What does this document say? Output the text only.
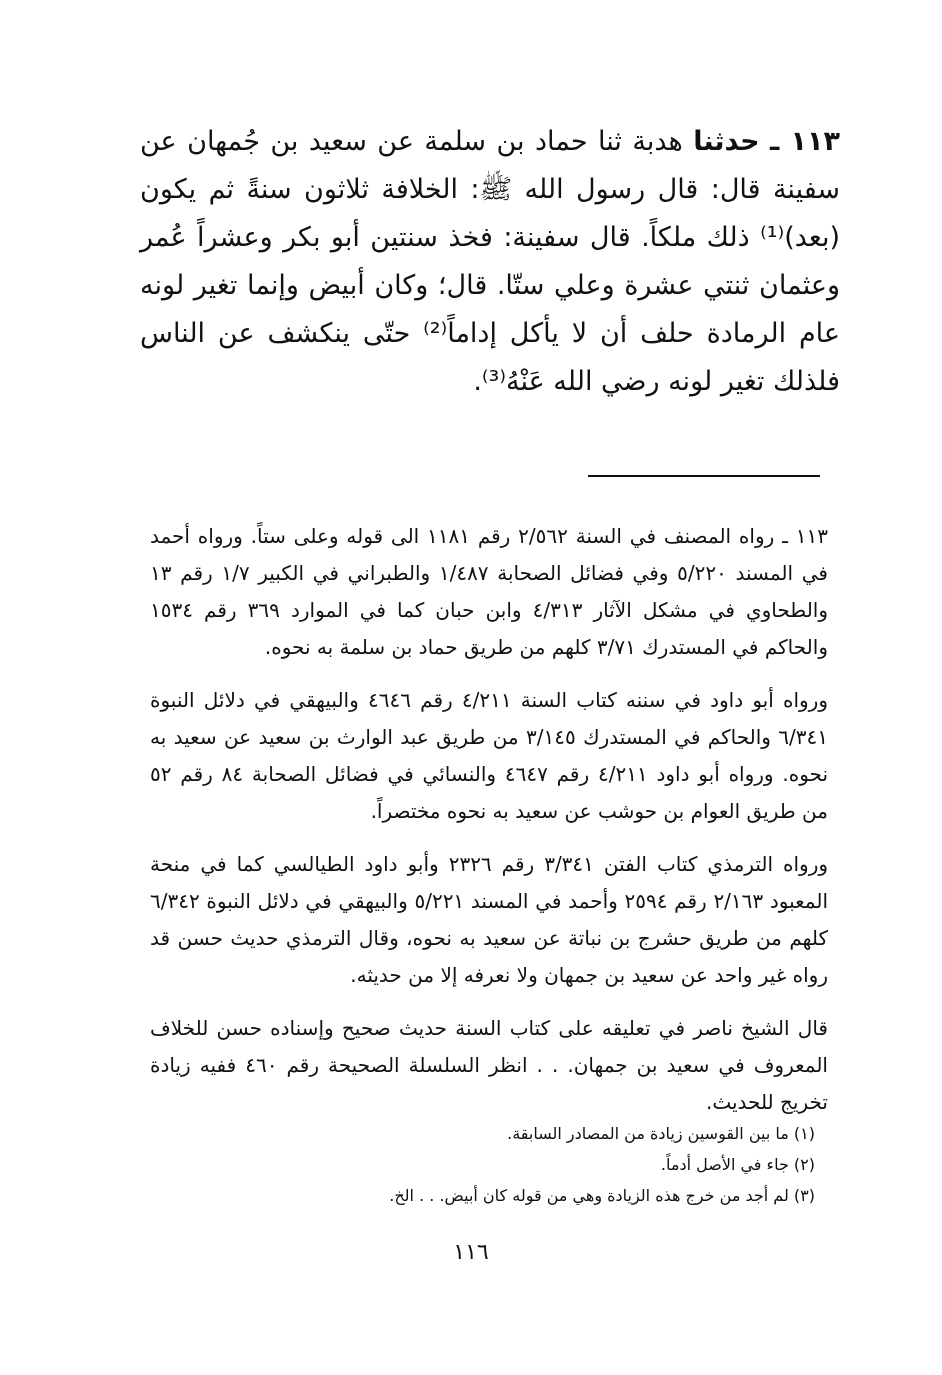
١١٣ ـ حدثنا هدبة ثنا حماد بن سلمة عن سعيد بن جُمهان عن سفينة قال: قال رسول الله ﷺ: الخلافة ثلاثون سنةً ثم يكون (بعد)⁽¹⁾ ذلك ملكاً. قال سفينة: فخذ سنتين أبو بكر وعشراً عُمر وعثمان ثنتي عشرة وعلي ستّا. قال؛ وكان أبيض وإنما تغير لونه عام الرمادة حلف أن لا يأكل إداماً⁽²⁾ حتّى ينكشف عن الناس فلذلك تغير لونه رضي الله عَنْهُ⁽³⁾.

١١٣ ـ رواه المصنف في السنة ٢/٥٦٢ رقم ١١٨١ الى قوله وعلى ستاً. ورواه أحمد في المسند ٥/٢٢٠ وفي فضائل الصحابة ١/٤٨٧ والطبراني في الكبير ١/٧ رقم ١٣ والطحاوي في مشكل الآثار ٤/٣١٣ وابن حبان كما في الموارد ٣٦٩ رقم ١٥٣٤ والحاكم في المستدرك ٣/٧١ كلهم من طريق حماد بن سلمة به نحوه.

ورواه أبو داود في سننه كتاب السنة ٤/٢١١ رقم ٤٦٤٦ والبيهقي في دلائل النبوة ٦/٣٤١ والحاكم في المستدرك ٣/١٤٥ من طريق عبد الوارث بن سعيد عن سعيد به نحوه. ورواه أبو داود ٤/٢١١ رقم ٤٦٤٧ والنسائي في فضائل الصحابة ٨٤ رقم ٥٢ من طريق العوام بن حوشب عن سعيد به نحوه مختصراً.

ورواه الترمذي كتاب الفتن ٣/٣٤١ رقم ٢٣٢٦ وأبو داود الطيالسي كما في منحة المعبود ٢/١٦٣ رقم ٢٥٩٤ وأحمد في المسند ٥/٢٢١ والبيهقي في دلائل النبوة ٦/٣٤٢ كلهم من طريق حشرج بن نباتة عن سعيد به نحوه، وقال الترمذي حديث حسن قد رواه غير واحد عن سعيد بن جمهان ولا نعرفه إلا من حديثه.

قال الشيخ ناصر في تعليقه على كتاب السنة حديث صحيح وإسناده حسن للخلاف المعروف في سعيد بن جمهان. . . انظر السلسلة الصحيحة رقم ٤٦٠ ففيه زيادة تخريج للحديث.

(١) ما بين القوسين زيادة من المصادر السابقة.
(٢) جاء في الأصل أدماً.
(٣) لم أجد من خرج هذه الزيادة وهي من قوله كان أبيض. . . الخ.
١١٦
